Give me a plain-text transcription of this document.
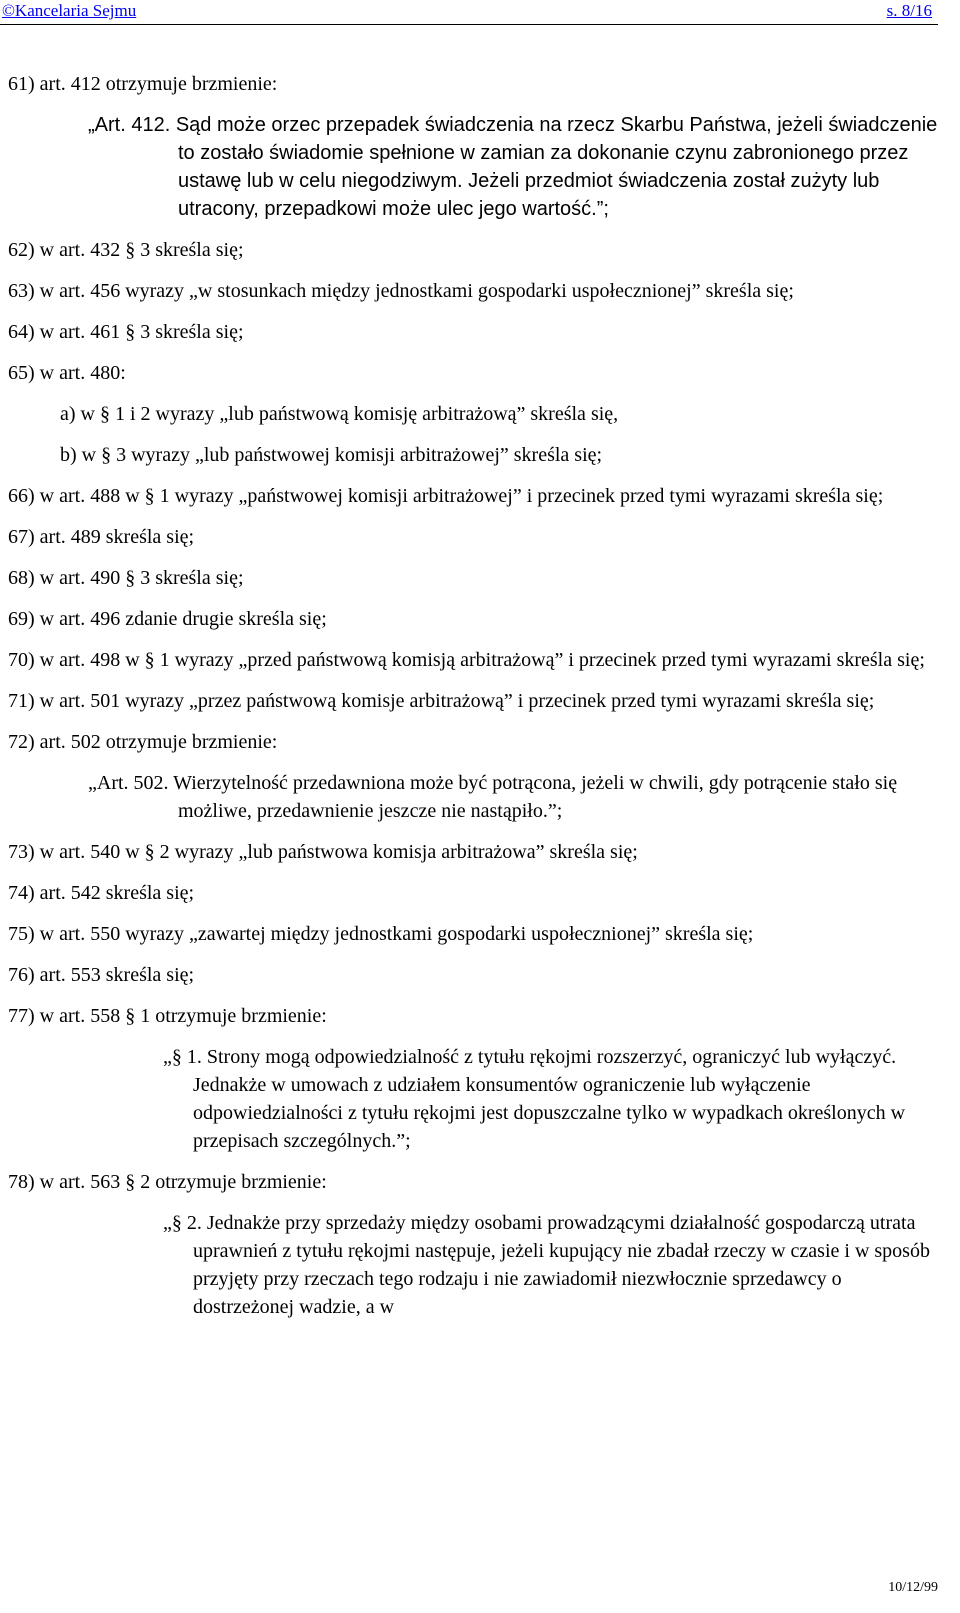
©Kancelaria Sejmu	s. 8/16
61) art. 412 otrzymuje brzmienie:
„Art. 412. Sąd może orzec przepadek świadczenia na rzecz Skarbu Państwa, jeżeli świadczenie to zostało świadomie spełnione w zamian za dokonanie czynu zabronionego przez ustawę lub w celu niegodziwym. Jeżeli przedmiot świadczenia został zużyty lub utracony, przepadkowi może ulec jego wartość.”;
62) w art. 432 § 3 skreśla się;
63) w art. 456 wyrazy „w stosunkach między jednostkami gospodarki uspołecznionej” skreśla się;
64) w art. 461 § 3 skreśla się;
65) w art. 480:
a) w § 1 i 2 wyrazy „lub państwową komisję arbitrażową” skreśla się,
b) w § 3 wyrazy „lub państwowej komisji arbitrażowej” skreśla się;
66) w art. 488 w § 1 wyrazy „państwowej komisji arbitrażowej” i przecinek przed tymi wyrazami skreśla się;
67) art. 489 skreśla się;
68) w art. 490 § 3 skreśla się;
69) w art. 496 zdanie drugie skreśla się;
70) w art. 498 w § 1 wyrazy „przed państwową komisją arbitrażową” i przecinek przed tymi wyrazami skreśla się;
71) w art. 501 wyrazy „przez państwową komisje arbitrażową” i przecinek przed tymi wyrazami skreśla się;
72) art. 502 otrzymuje brzmienie:
„Art. 502. Wierzytelność przedawniona może być potrącona, jeżeli w chwili, gdy potrącenie stało się możliwe, przedawnienie jeszcze nie nastąpiło.”;
73) w art. 540 w § 2 wyrazy „lub państwowa komisja arbitrażowa” skreśla się;
74) art. 542 skreśla się;
75) w art. 550 wyrazy „zawartej między jednostkami gospodarki uspołecznionej” skreśla się;
76) art. 553 skreśla się;
77) w art. 558 § 1 otrzymuje brzmienie:
„§ 1. Strony mogą odpowiedzialność z tytułu rękojmi rozszerzyć, ograniczyć lub wyłączyć. Jednakże w umowach z udziałem konsumentów ograniczenie lub wyłączenie odpowiedzialności z tytułu rękojmi jest dopuszczalne tylko w wypadkach określonych w przepisach szczególnych.”;
78) w art. 563 § 2 otrzymuje brzmienie:
„§ 2. Jednakże przy sprzedaży między osobami prowadzącymi działalność gospodarczą utrata uprawnień z tytułu rękojmi następuje, jeżeli kupujący nie zbadał rzeczy w czasie i w sposób przyjęty przy rzeczach tego rodzaju i nie zawiadomił niezwłocznie sprzedawcy o dostrzeżonej wadzie, a w
10/12/99
